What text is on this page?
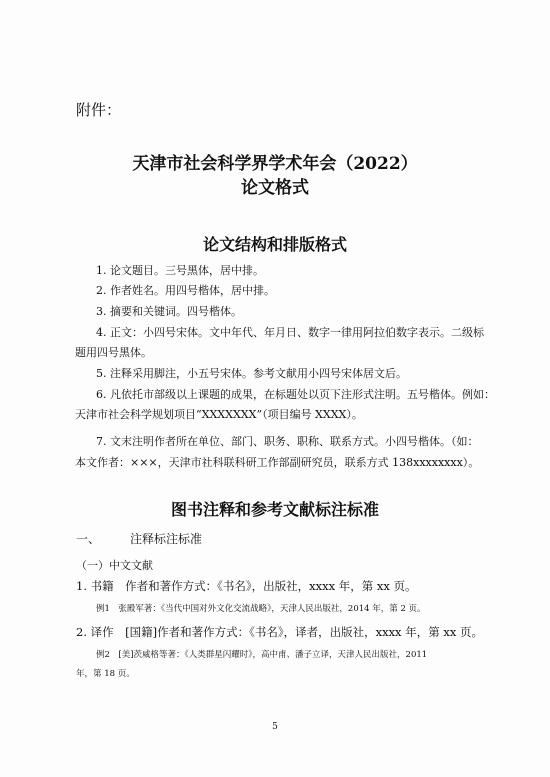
附件：
天津市社会科学界学术年会（2022）
论文格式
论文结构和排版格式
1. 论文题目。三号黑体，居中排。
2. 作者姓名。用四号楷体，居中排。
3. 摘要和关键词。四号楷体。
4. 正文：小四号宋体。文中年代、年月日、数字一律用阿拉伯数字表示。二级标
题用四号黑体。
5. 注释采用脚注，小五号宋体。参考文献用小四号宋体居文后。
6. 凡依托市部级以上课题的成果，在标题处以页下注形式注明。五号楷体。例如：
天津市社会科学规划项目“XXXXXXX”（项目编号 XXXX）。
7. 文末注明作者所在单位、部门、职务、职称、联系方式。小四号楷体。（如：
本文作者：×××，天津市社科联科研工作部副研究员，联系方式 138xxxxxxxx）。
图书注释和参考文献标注标准
一、	注释标注标准
（一）中文文献
1. 书籍　作者和著作方式：《书名》，出版社，xxxx 年，第 xx 页。
例1　张殿军著：《当代中国对外文化交流战略》，天津人民出版社，2014 年，第 2 页。
2. 译作　[国籍]作者和著作方式：《书名》，译者，出版社，xxxx 年，第 xx 页。
例2　[美]茨威格等著：《人类群星闪耀时》，高中甫、潘子立译，天津人民出版社，2011
年，第 18 页。
5
